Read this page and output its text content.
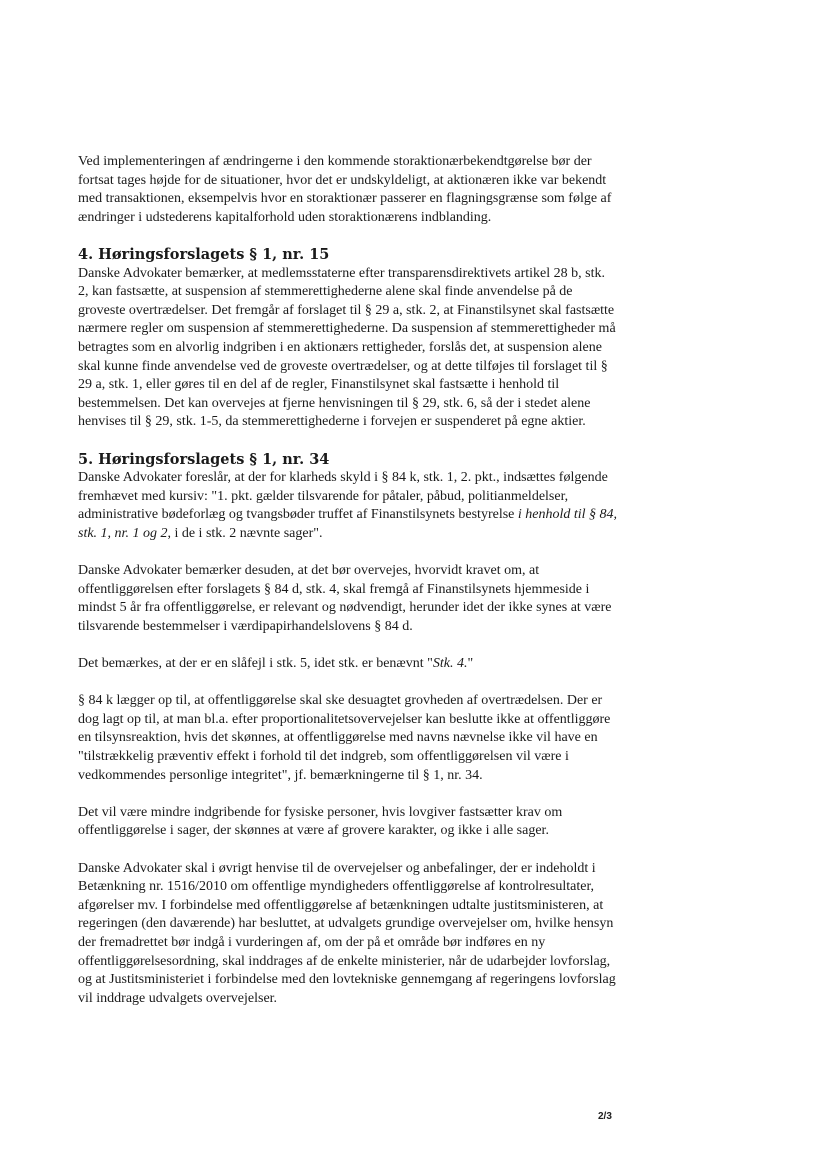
Ved implementeringen af ændringerne i den kommende storaktionærbekendtgørelse bør der fortsat tages højde for de situationer, hvor det er undskyldeligt, at aktionæren ikke var bekendt med transaktionen, eksempelvis hvor en storaktionær passerer en flagningsgrænse som følge af ændringer i udstederens kapitalforhold uden storaktionærens indblanding.

4. Høringsforslagets § 1, nr. 15

Danske Advokater bemærker, at medlemsstaterne efter transparensdirektivets artikel 28 b, stk. 2, kan fastsætte, at suspension af stemmerettighederne alene skal finde anvendelse på de groveste overtrædelser. Det fremgår af forslaget til § 29 a, stk. 2, at Finanstilsynet skal fastsætte nærmere regler om suspension af stemmerettighederne. Da suspension af stemmerettigheder må betragtes som en alvorlig indgriben i en aktionærs rettigheder, forslås det, at suspension alene skal kunne finde anvendelse ved de groveste overtrædelser, og at dette tilføjes til forslaget til § 29 a, stk. 1, eller gøres til en del af de regler, Finanstilsynet skal fastsætte i henhold til bestemmelsen. Det kan overvejes at fjerne henvisningen til § 29, stk. 6, så der i stedet alene henvises til § 29, stk. 1-5, da stemmerettighederne i forvejen er suspenderet på egne aktier.

5. Høringsforslagets § 1, nr. 34

Danske Advokater foreslår, at der for klarheds skyld i § 84 k, stk. 1, 2. pkt., indsættes følgende fremhævet med kursiv: "1. pkt. gælder tilsvarende for påtaler, påbud, politianmeldelser, administrative bødeforlæg og tvangsbøder truffet af Finanstilsynets bestyrelse i henhold til § 84, stk. 1, nr. 1 og 2, i de i stk. 2 nævnte sager".

Danske Advokater bemærker desuden, at det bør overvejes, hvorvidt kravet om, at offentliggørelsen efter forslagets § 84 d, stk. 4, skal fremgå af Finanstilsynets hjemmeside i mindst 5 år fra offentliggørelse, er relevant og nødvendigt, herunder idet der ikke synes at være tilsvarende bestemmelser i værdipapirhandelslovens § 84 d.

Det bemærkes, at der er en slåfejl i stk. 5, idet stk. er benævnt "Stk. 4."

§ 84 k lægger op til, at offentliggørelse skal ske desuagtet grovheden af overtrædelsen. Der er dog lagt op til, at man bl.a. efter proportionalitetsovervejelser kan beslutte ikke at offentliggøre en tilsynsreaktion, hvis det skønnes, at offentliggørelse med navns nævnelse ikke vil have en "tilstrækkelig præventiv effekt i forhold til det indgreb, som offentliggørelsen vil være i vedkommendes personlige integritet", jf. bemærkningerne til § 1, nr. 34.

Det vil være mindre indgribende for fysiske personer, hvis lovgiver fastsætter krav om offentliggørelse i sager, der skønnes at være af grovere karakter, og ikke i alle sager.

Danske Advokater skal i øvrigt henvise til de overvejelser og anbefalinger, der er indeholdt i Betænkning nr. 1516/2010 om offentlige myndigheders offentliggørelse af kontrolresultater, afgørelser mv. I forbindelse med offentliggørelse af betænkningen udtalte justitsministeren, at regeringen (den daværende) har besluttet, at udvalgets grundige overvejelser om, hvilke hensyn der fremadrettet bør indgå i vurderingen af, om der på et område bør indføres en ny offentliggørelsesordning, skal inddrages af de enkelte ministerier, når de udarbejder lovforslag, og at Justitsministeriet i forbindelse med den lovtekniske gennemgang af regeringens lovforslag vil inddrage udvalgets overvejelser.

2/3
